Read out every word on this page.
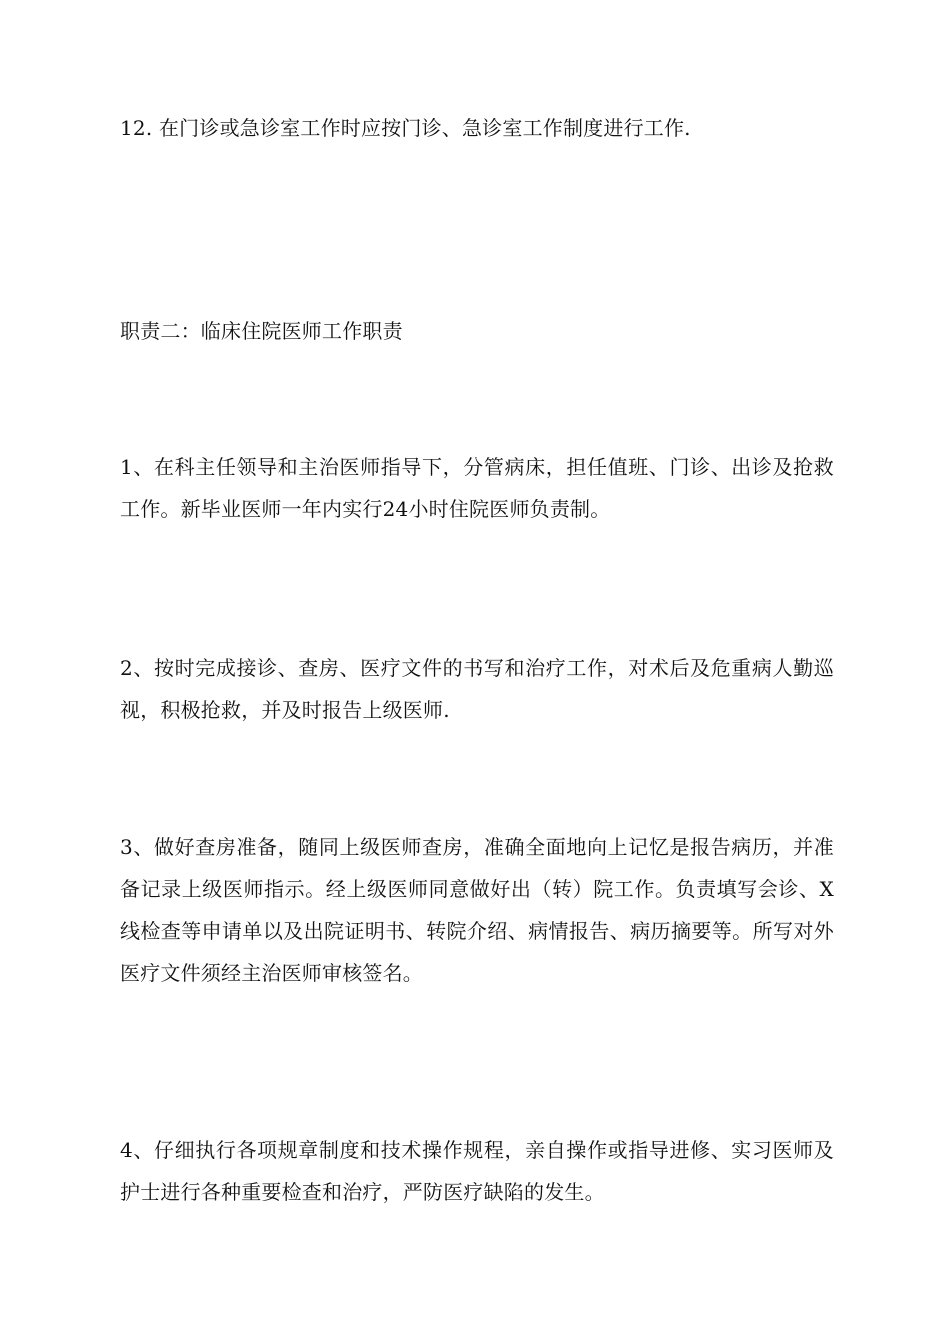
12. 在门诊或急诊室工作时应按门诊、急诊室工作制度进行工作.

职责二：临床住院医师工作职责

1、在科主任领导和主治医师指导下，分管病床，担任值班、门诊、出诊及抢救工作。新毕业医师一年内实行24小时住院医师负责制。

2、按时完成接诊、查房、医疗文件的书写和治疗工作，对术后及危重病人勤巡视，积极抢救，并及时报告上级医师.

3、做好查房准备，随同上级医师查房，准确全面地向上记忆是报告病历，并准备记录上级医师指示。经上级医师同意做好出（转）院工作。负责填写会诊、X线检查等申请单以及出院证明书、转院介绍、病情报告、病历摘要等。所写对外医疗文件须经主治医师审核签名。

4、仔细执行各项规章制度和技术操作规程，亲自操作或指导进修、实习医师及护士进行各种重要检查和治疗，严防医疗缺陷的发生。
